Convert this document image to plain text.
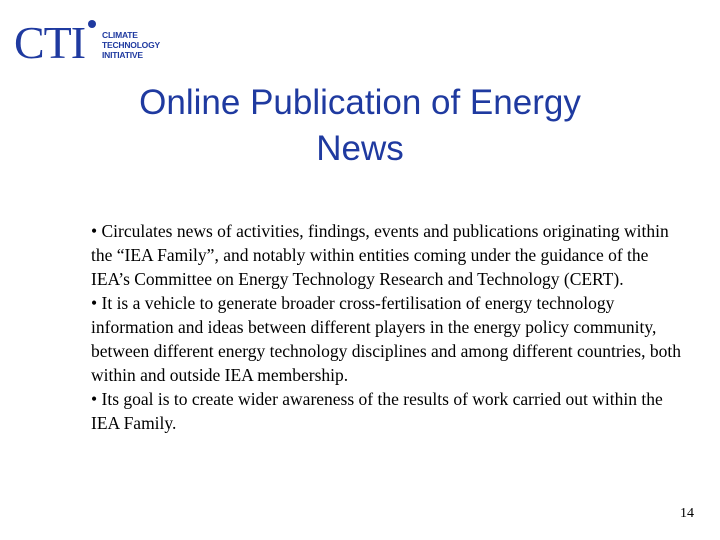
CTI CLIMATE
TECHNOLOGY
INITIATIVE
Online Publication of Energy
News

• Circulates news of activities, findings, events and publications originating within the “IEA Family”, and notably within entities coming under the guidance of the IEA’s Committee on Energy Technology Research and Technology (CERT).

• It is a vehicle to generate broader cross-fertilisation of energy technology information and ideas between different players in the energy policy community, between different energy technology disciplines and among different countries, both within and outside IEA membership.

• Its goal is to create wider awareness of the results of work carried out within the IEA Family.

14
